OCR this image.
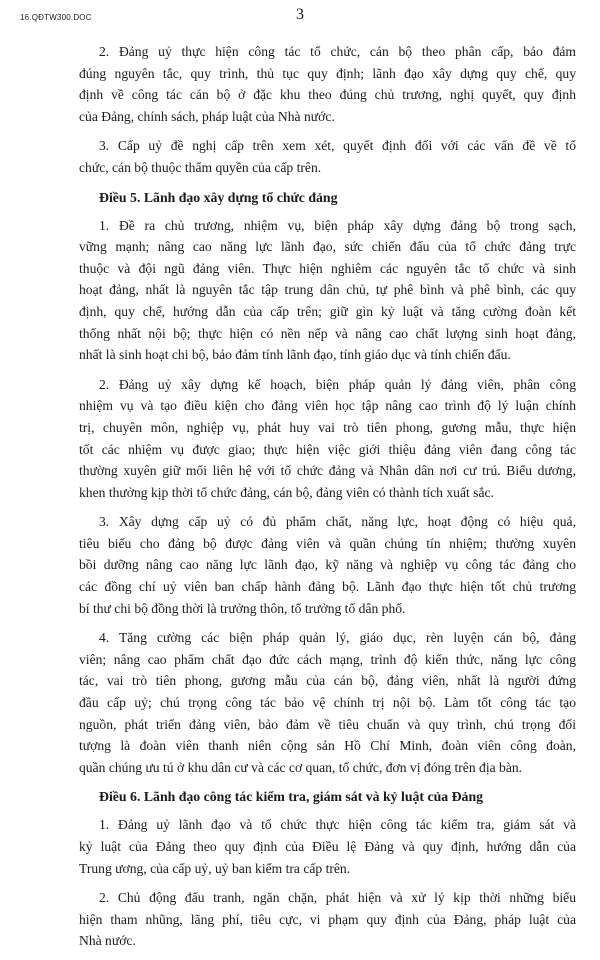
16.QĐTW300.DOC	3
2. Đảng uỷ thực hiện công tác tổ chức, cán bộ theo phân cấp, bảo đảm
đúng nguyên tắc, quy trình, thủ tục quy định; lãnh đạo xây dựng quy chế, quy
định về công tác cán bộ ở đặc khu theo đúng chủ trương, nghị quyết, quy định
của Đảng, chính sách, pháp luật của Nhà nước.
3. Cấp uỷ đề nghị cấp trên xem xét, quyết định đối với các vấn đề về tổ
chức, cán bộ thuộc thẩm quyền của cấp trên.
Điều 5. Lãnh đạo xây dựng tổ chức đảng
1. Đề ra chủ trương, nhiệm vụ, biện pháp xây dựng đảng bộ trong sạch,
vững mạnh; nâng cao năng lực lãnh đạo, sức chiến đấu của tổ chức đảng trực
thuộc và đội ngũ đảng viên. Thực hiện nghiêm các nguyên tắc tổ chức và sinh
hoạt đảng, nhất là nguyên tắc tập trung dân chủ, tự phê bình và phê bình, các quy
định, quy chế, hướng dẫn của cấp trên; giữ gìn kỷ luật và tăng cường đoàn kết
thống nhất nội bộ; thực hiện có nền nếp và nâng cao chất lượng sinh hoạt đảng,
nhất là sinh hoạt chi bộ, bảo đảm tính lãnh đạo, tính giáo dục và tính chiến đấu.
2. Đảng uỷ xây dựng kế hoạch, biện pháp quản lý đảng viên, phân công
nhiệm vụ và tạo điều kiện cho đảng viên học tập nâng cao trình độ lý luận chính
trị, chuyên môn, nghiệp vụ, phát huy vai trò tiên phong, gương mẫu, thực hiện
tốt các nhiệm vụ được giao; thực hiện việc giới thiệu đảng viên đang công tác
thường xuyên giữ mối liên hệ với tổ chức đảng và Nhân dân nơi cư trú. Biểu dương,
khen thưởng kịp thời tổ chức đảng, cán bộ, đảng viên có thành tích xuất sắc.
3. Xây dựng cấp uỷ có đủ phẩm chất, năng lực, hoạt động có hiệu quả,
tiêu biểu cho đảng bộ được đảng viên và quần chúng tín nhiệm; thường xuyên
bồi dưỡng nâng cao năng lực lãnh đạo, kỹ năng và nghiệp vụ công tác đảng cho
các đồng chí uỷ viên ban chấp hành đảng bộ. Lãnh đạo thực hiện tốt chủ trương
bí thư chi bộ đồng thời là trưởng thôn, tổ trưởng tổ dân phố.
4. Tăng cường các biện pháp quản lý, giáo dục, rèn luyện cán bộ, đảng
viên; nâng cao phẩm chất đạo đức cách mạng, trình độ kiến thức, năng lực công
tác, vai trò tiên phong, gương mẫu của cán bộ, đảng viên, nhất là người đứng
đầu cấp uỷ; chú trọng công tác bảo vệ chính trị nội bộ. Làm tốt công tác tạo
nguồn, phát triển đảng viên, bảo đảm về tiêu chuẩn và quy trình, chú trọng đối
tượng là đoàn viên thanh niên cộng sản Hồ Chí Minh, đoàn viên công đoàn,
quần chúng ưu tú ở khu dân cư và các cơ quan, tổ chức, đơn vị đóng trên địa bàn.
Điều 6. Lãnh đạo công tác kiểm tra, giám sát và kỷ luật của Đảng
1. Đảng uỷ lãnh đạo và tổ chức thực hiện công tác kiểm tra, giám sát và
kỷ luật của Đảng theo quy định của Điều lệ Đảng và quy định, hướng dẫn của
Trung ương, của cấp uỷ, uỷ ban kiểm tra cấp trên.
2. Chủ động đấu tranh, ngăn chặn, phát hiện và xử lý kịp thời những biểu
hiện tham nhũng, lãng phí, tiêu cực, vi phạm quy định của Đảng, pháp luật của
Nhà nước.
